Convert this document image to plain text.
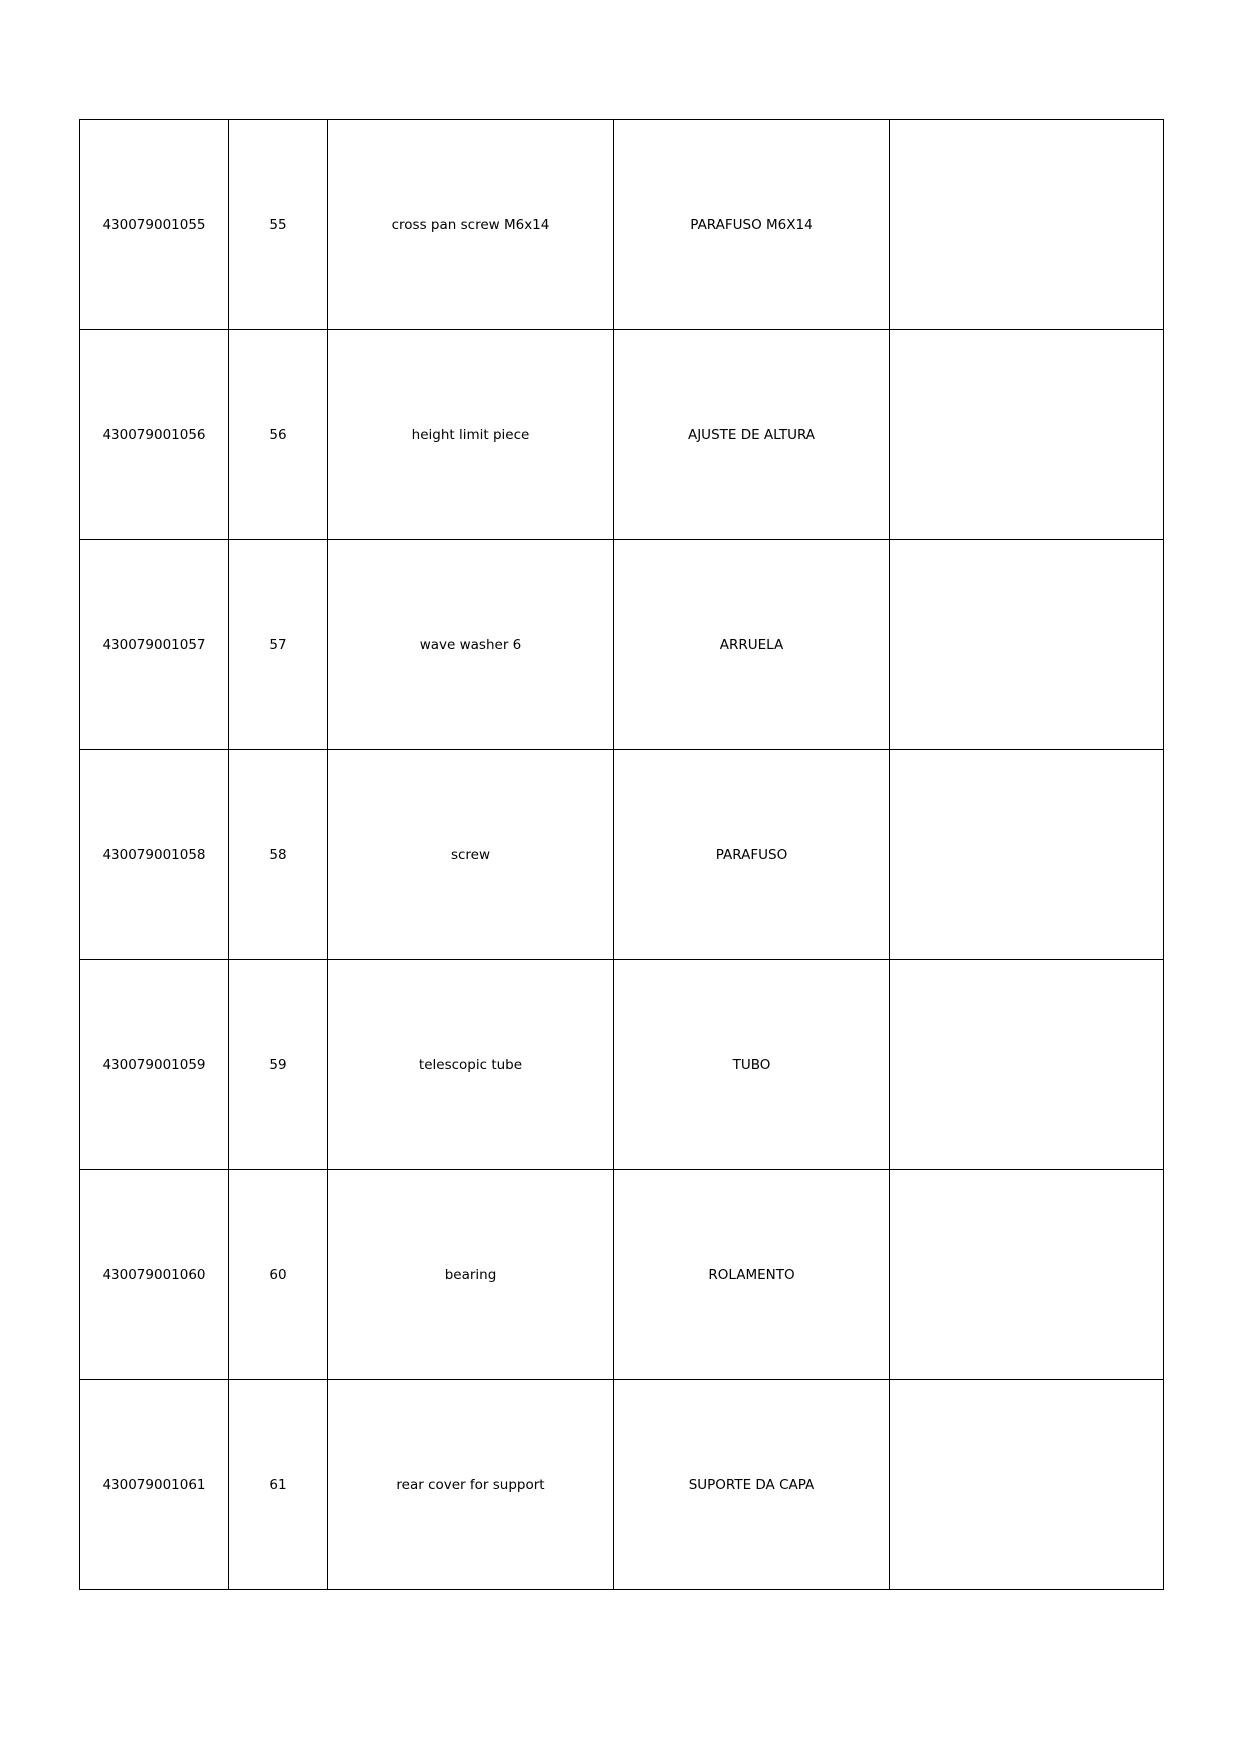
430079001055	55	cross pan screw M6x14	PARAFUSO M6X14	
430079001056	56	height limit piece	AJUSTE DE ALTURA	
430079001057	57	wave washer 6	ARRUELA	
430079001058	58	screw	PARAFUSO	
430079001059	59	telescopic tube	TUBO	
430079001060	60	bearing	ROLAMENTO	
430079001061	61	rear cover for support	SUPORTE DA CAPA	
